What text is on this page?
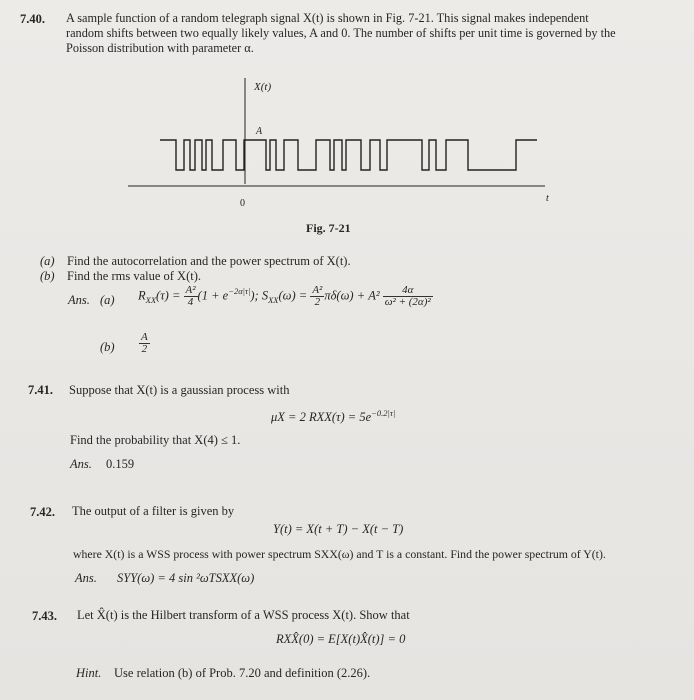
7.40. A sample function of a random telegraph signal X(t) is shown in Fig. 7-21. This signal makes independent
random shifts between two equally likely values, A and 0. The number of shifts per unit time is governed by the
Poisson distribution with parameter α.
X(t)
A
0	t
Fig. 7-21
(a) Find the autocorrelation and the power spectrum of X(t).
(b) Find the rms value of X(t).
Ans. (a) $R_{XX}(\tau) = \frac{\text{A²}}{4} (1 + e^{-2\alpha|\tau|})$; $S_{XX}(\omega) = \frac{\text{A²}}{2} \pi\delta(\omega) + A^2 \frac{4\alpha}{\text{ω² + (2α)²}}$
$(b) \frac{A}{2}$
7.41. Suppose that X(t) is a gaussian process with
μX = 2 $RXX(\tau) = 5e^{-0.2|\tau|}$
Find the probability that X(4) ≤ 1.
Ans. 0.159
7.42. The output of a filter is given by
Y(t) = X(t + T) − X(t − T)
where X(t) is a WSS process with power spectrum SXX(ω) and T is a constant. Find the power spectrum of Y(t).
Ans. SYY(ω) = 4 sin ²ωTSXX(ω)
7.43. Let X̂(t) is the Hilbert transform of a WSS process X(t). Show that
RXX̂(0) = E[X(t)X̂(t)] = 0
Hint. Use relation (b) of Prob. 7.20 and definition (2.26).
